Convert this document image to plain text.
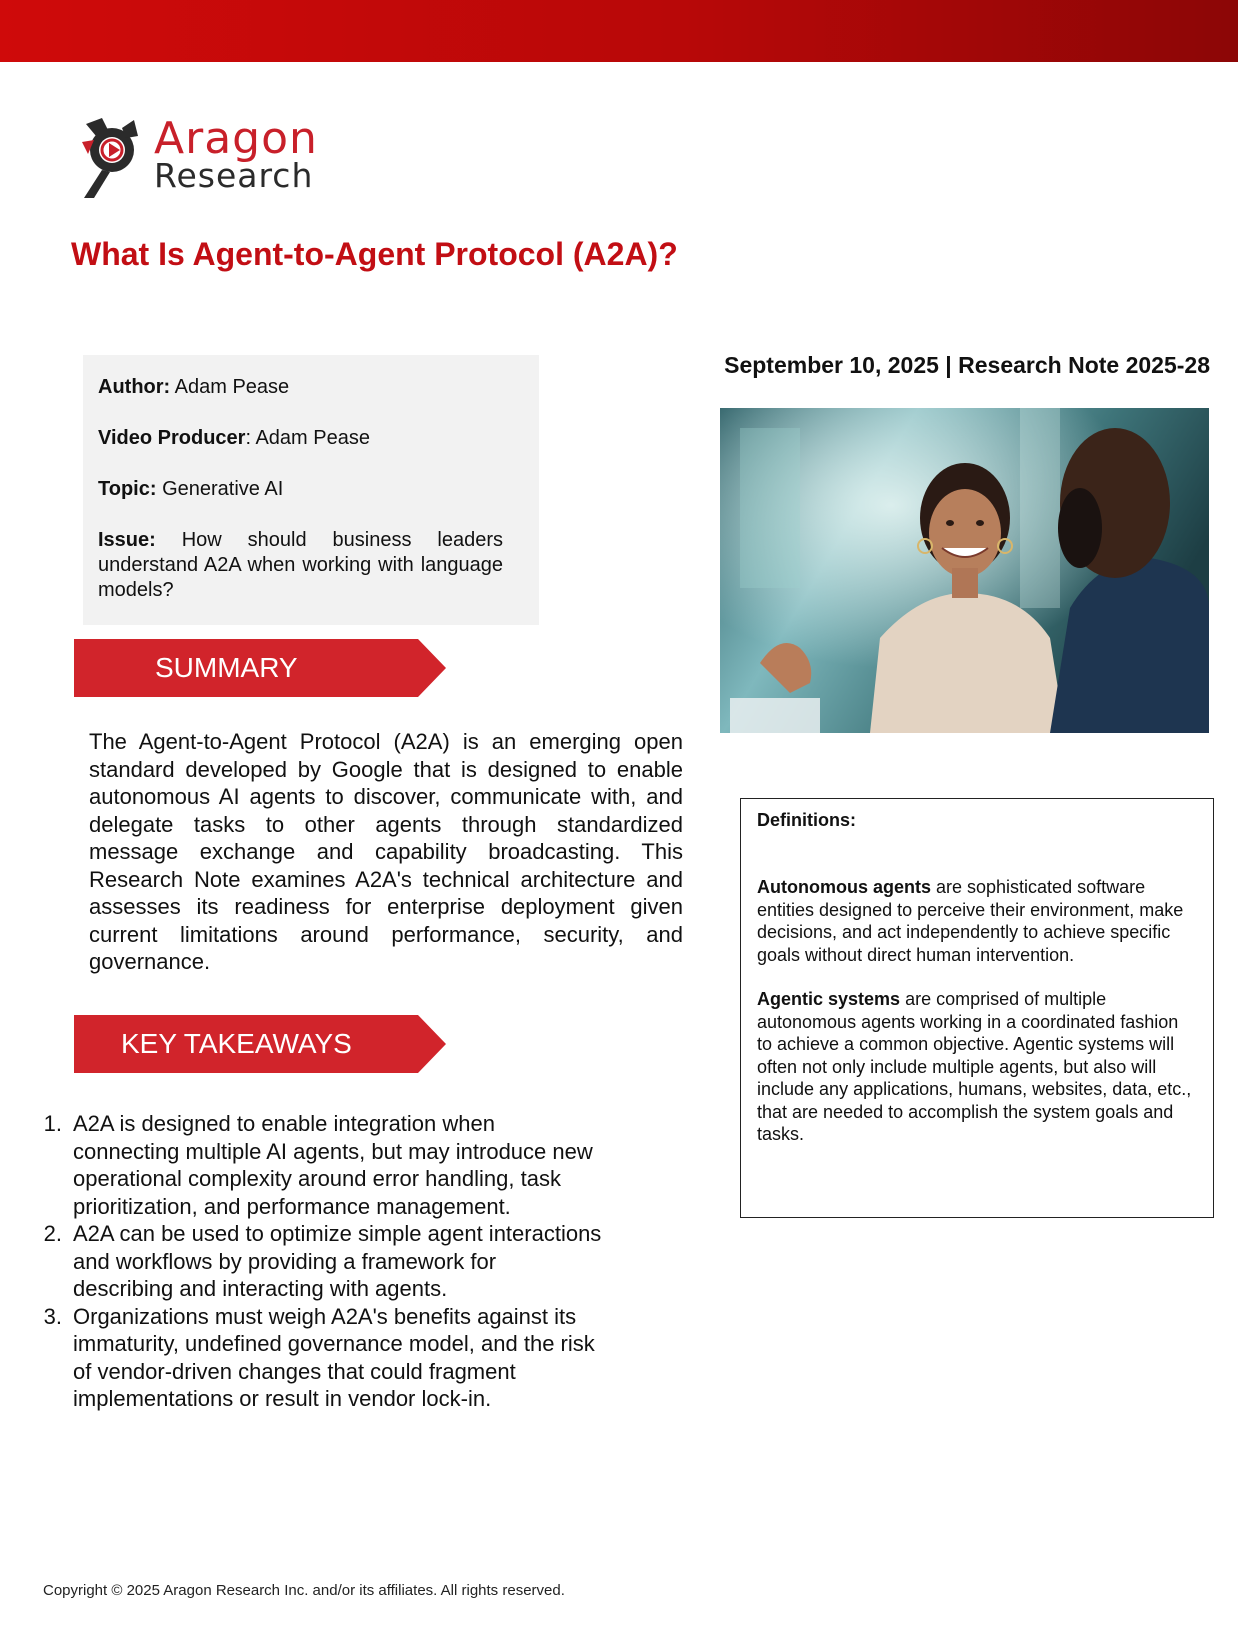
Aragon
Research
What Is Agent-to-Agent Protocol (A2A)?

Author: Adam Pease

Video Producer: Adam Pease

Topic: Generative AI

Issue: How should business leaders understand A2A when working with language models?

September 10, 2025 | Research Note 2025-28
SUMMARY

The Agent-to-Agent Protocol (A2A) is an emerging open standard developed by Google that is designed to enable autonomous AI agents to discover, communicate with, and delegate tasks to other agents through standardized message exchange and capability broadcasting. This Research Note examines A2A's technical architecture and assesses its readiness for enterprise deployment given current limitations around performance, security, and governance.

KEY TAKEAWAYS
1. A2A is designed to enable integration when connecting multiple AI agents, but may introduce new operational complexity around error handling, task prioritization, and performance management.
2. A2A can be used to optimize simple agent interactions and workflows by providing a framework for describing and interacting with agents.
3. Organizations must weigh A2A's benefits against its immaturity, undefined governance model, and the risk of vendor-driven changes that could fragment implementations or result in vendor lock-in.

Definitions:

Autonomous agents are sophisticated software entities designed to perceive their environment, make decisions, and act independently to achieve specific goals without direct human intervention.

Agentic systems are comprised of multiple autonomous agents working in a coordinated fashion to achieve a common objective. Agentic systems will often not only include multiple agents, but also will include any applications, humans, websites, data, etc., that are needed to accomplish the system goals and tasks.

Copyright © 2025 Aragon Research Inc. and/or its affiliates. All rights reserved.
